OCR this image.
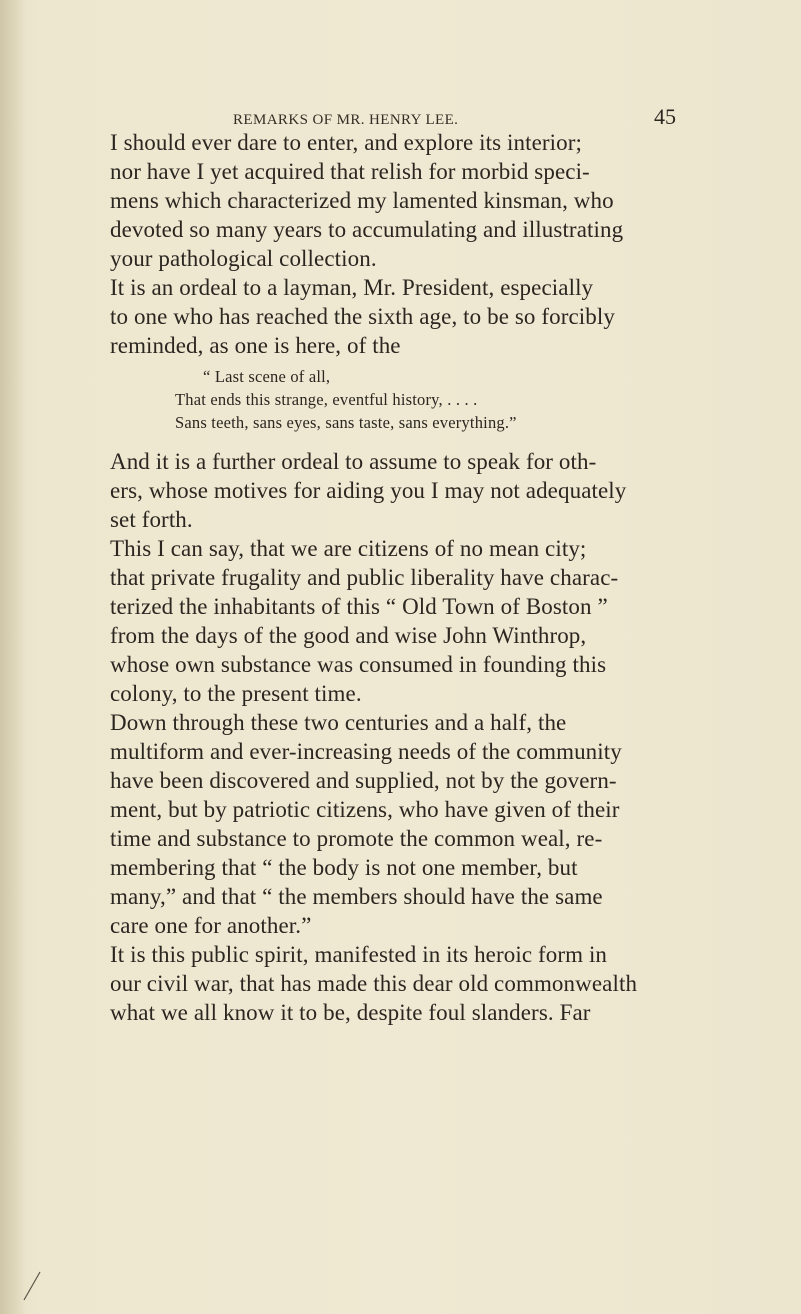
REMARKS OF MR. HENRY LEE.	45
I should ever dare to enter, and explore its interior;
nor have I yet acquired that relish for morbid speci-
mens which characterized my lamented kinsman, who
devoted so many years to accumulating and illustrating
your pathological collection.
It is an ordeal to a layman, Mr. President, especially
to one who has reached the sixth age, to be so forcibly
reminded, as one is here, of the
“ Last scene of all,
That ends this strange, eventful history, . . . .
Sans teeth, sans eyes, sans taste, sans everything.”
And it is a further ordeal to assume to speak for oth-
ers, whose motives for aiding you I may not adequately
set forth.
This I can say, that we are citizens of no mean city;
that private frugality and public liberality have charac-
terized the inhabitants of this “ Old Town of Boston ”
from the days of the good and wise John Winthrop,
whose own substance was consumed in founding this
colony, to the present time.
Down through these two centuries and a half, the
multiform and ever-increasing needs of the community
have been discovered and supplied, not by the govern-
ment, but by patriotic citizens, who have given of their
time and substance to promote the common weal, re-
membering that “ the body is not one member, but
many,” and that “ the members should have the same
care one for another.”
It is this public spirit, manifested in its heroic form in
our civil war, that has made this dear old commonwealth
what we all know it to be, despite foul slanders. Far
